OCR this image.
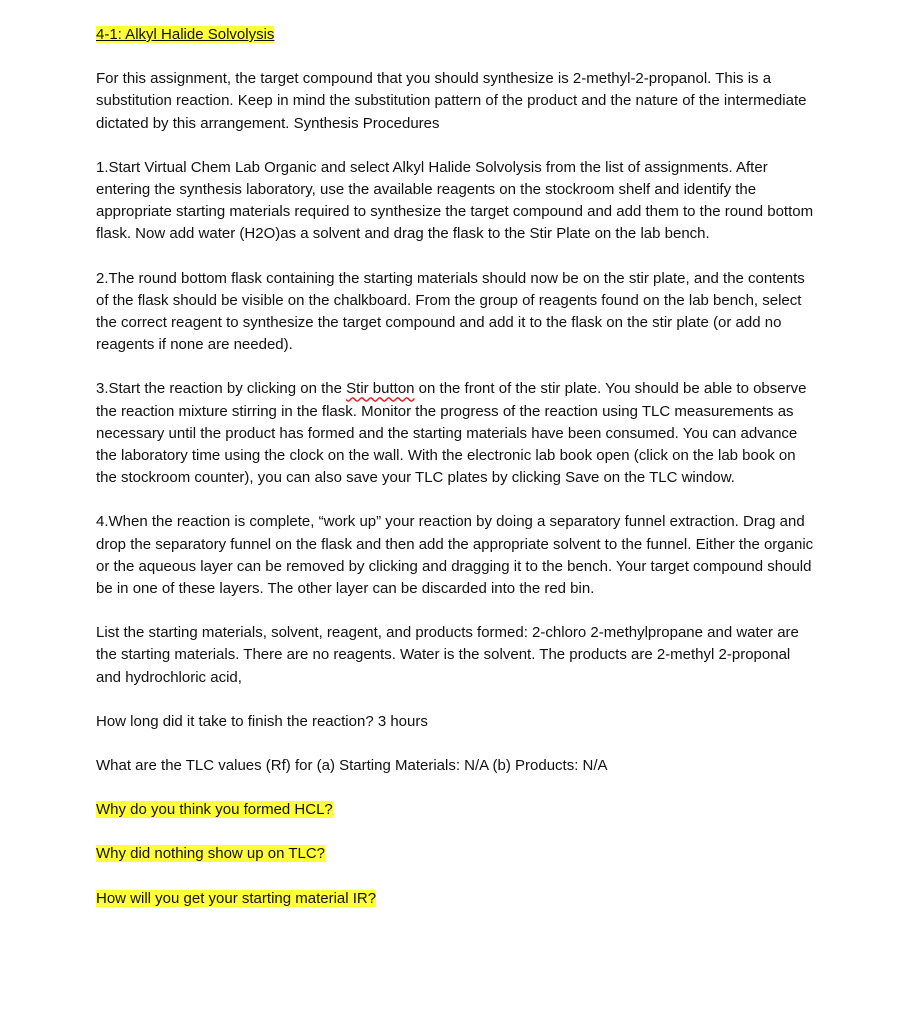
4-1: Alkyl Halide Solvolysis

For this assignment, the target compound that you should synthesize is 2-methyl-2-propanol. This is a substitution reaction. Keep in mind the substitution pattern of the product and the nature of the intermediate dictated by this arrangement. Synthesis Procedures

1.Start Virtual Chem Lab Organic and select Alkyl Halide Solvolysis from the list of assignments. After entering the synthesis laboratory, use the available reagents on the stockroom shelf and identify the appropriate starting materials required to synthesize the target compound and add them to the round bottom flask. Now add water (H2O)as a solvent and drag the flask to the Stir Plate on the lab bench.

2.The round bottom flask containing the starting materials should now be on the stir plate, and the contents of the flask should be visible on the chalkboard. From the group of reagents found on the lab bench, select the correct reagent to synthesize the target compound and add it to the flask on the stir plate (or add no reagents if none are needed).

3.Start the reaction by clicking on the Stir button on the front of the stir plate. You should be able to observe the reaction mixture stirring in the flask. Monitor the progress of the reaction using TLC measurements as necessary until the product has formed and the starting materials have been consumed. You can advance the laboratory time using the clock on the wall. With the electronic lab book open (click on the lab book on the stockroom counter), you can also save your TLC plates by clicking Save on the TLC window.

4.When the reaction is complete, “work up” your reaction by doing a separatory funnel extraction. Drag and drop the separatory funnel on the flask and then add the appropriate solvent to the funnel. Either the organic or the aqueous layer can be removed by clicking and dragging it to the bench. Your target compound should be in one of these layers. The other layer can be discarded into the red bin.

List the starting materials, solvent, reagent, and products formed: 2-chloro 2-methylpropane and water are the starting materials. There are no reagents. Water is the solvent. The products are 2-methyl 2-proponal and hydrochloric acid,

How long did it take to finish the reaction? 3 hours

What are the TLC values (Rf) for (a) Starting Materials: N/A (b) Products: N/A

Why do you think you formed HCL?

Why did nothing show up on TLC?

How will you get your starting material IR?
